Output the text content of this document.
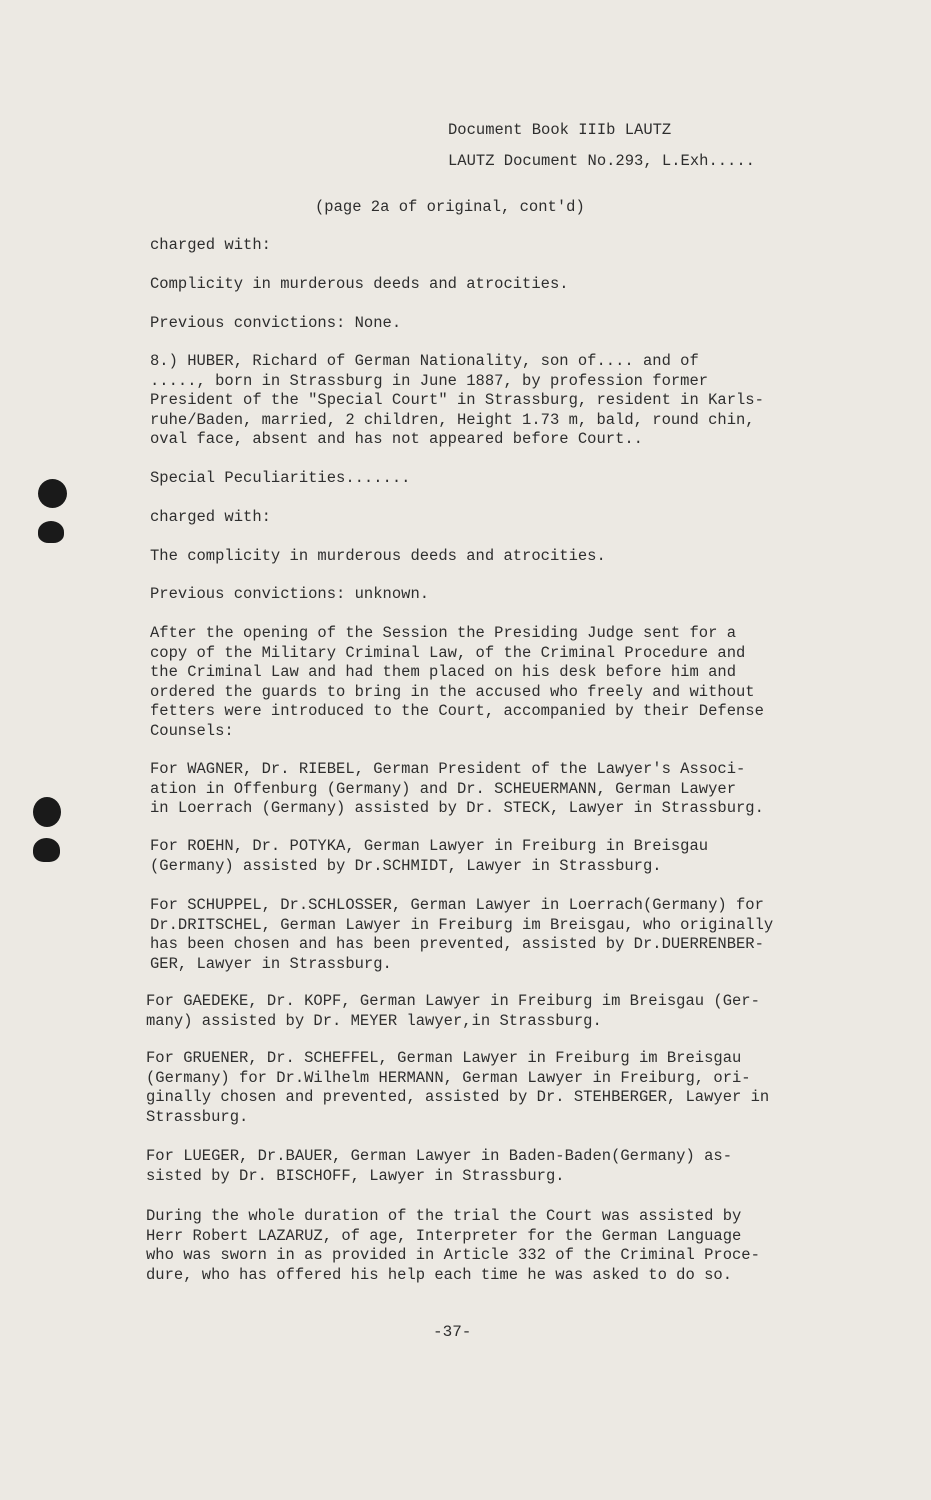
Document Book IIIb LAUTZ
LAUTZ Document No.293, L.Exh.....
(page 2a of original, cont'd)
charged with:
Complicity in murderous deeds and atrocities.
Previous convictions: None.
8.) HUBER, Richard of German Nationality, son of.... and of
....., born in Strassburg in June 1887, by profession former
President of the "Special Court" in Strassburg, resident in Karls-
ruhe/Baden, married, 2 children, Height 1.73 m, bald, round chin,
oval face, absent and has not appeared before Court..
Special Peculiarities.......
charged with:
The complicity in murderous deeds and atrocities.
Previous convictions: unknown.
After the opening of the Session the Presiding Judge sent for a
copy of the Military Criminal Law, of the Criminal Procedure and
the Criminal Law and had them placed on his desk before him and
ordered the guards to bring in the accused who freely and without
fetters were introduced to the Court, accompanied by their Defense
Counsels:
For WAGNER, Dr. RIEBEL, German President of the Lawyer's Associ-
ation in Offenburg (Germany) and Dr. SCHEUERMANN, German Lawyer
in Loerrach (Germany) assisted by Dr. STECK, Lawyer in Strassburg.
For ROEHN, Dr. POTYKA, German Lawyer in Freiburg in Breisgau
(Germany) assisted by Dr.SCHMIDT, Lawyer in Strassburg.
For SCHUPPEL, Dr.SCHLOSSER, German Lawyer in Loerrach(Germany) for
Dr.DRITSCHEL, German Lawyer in Freiburg im Breisgau, who originally
has been chosen and has been prevented, assisted by Dr.DUERRENBER-
GER, Lawyer in Strassburg.
For GAEDEKE, Dr. KOPF, German Lawyer in Freiburg im Breisgau (Ger-
many) assisted by Dr. MEYER lawyer,in Strassburg.
For GRUENER, Dr. SCHEFFEL, German Lawyer in Freiburg im Breisgau
(Germany) for Dr.Wilhelm HERMANN, German Lawyer in Freiburg, ori-
ginally chosen and prevented, assisted by Dr. STEHBERGER, Lawyer in
Strassburg.
For LUEGER, Dr.BAUER, German Lawyer in Baden-Baden(Germany) as-
sisted by Dr. BISCHOFF, Lawyer in Strassburg.
During the whole duration of the trial the Court was assisted by
Herr Robert LAZARUZ, of age, Interpreter for the German Language
who was sworn in as provided in Article 332 of the Criminal Proce-
dure, who has offered his help each time he was asked to do so.
-37-
